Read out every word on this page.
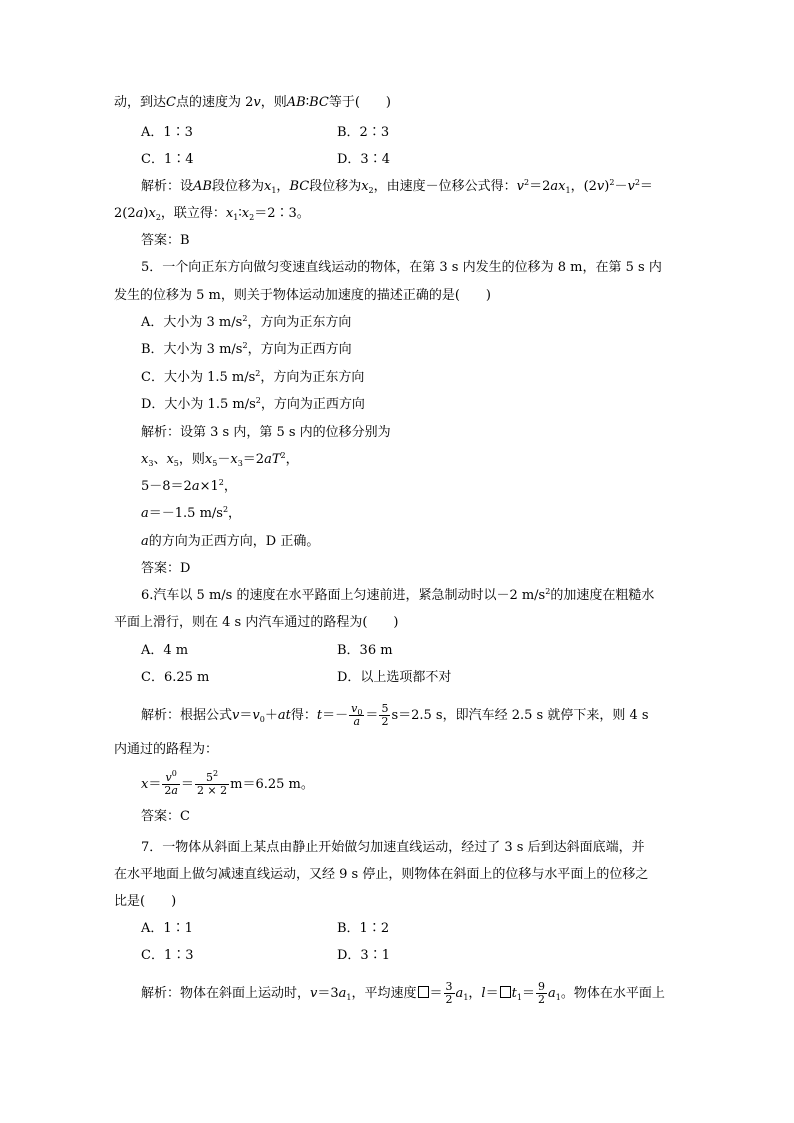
动，到达C点的速度为 2v，则AB∶BC等于(　　)
A．1∶3	B．2∶3
C．1∶4	D．3∶4
解析：设AB段位移为$x_1$，BC段位移为$x_2$，由速度－位移公式得：$v^2=2ax_1$，$(2v)^2-v^2=$
$2(2a)x_2$，联立得：$x_1∶x_2=2∶3$。
答案：B
5．一个向正东方向做匀变速直线运动的物体，在第 3 s 内发生的位移为 8 m，在第 5 s 内
发生的位移为 5 m，则关于物体运动加速度的描述正确的是(　　)
A．大小为 3 $m/s^2$，方向为正东方向
B．大小为 3 $m/s^2$，方向为正西方向
C．大小为 1.5 $m/s^2$，方向为正东方向
D．大小为 1.5 $m/s^2$，方向为正西方向
解析：设第 3 s 内，第 5 s 内的位移分别为
$x_3$、$x_5$，则$x_5-x_3=2aT^2$，
$5-8=2a\times 1^2$，
a＝－1.5 $m/s^2$，
a的方向为正西方向，D 正确。
答案：D
6.汽车以 5 m/s 的速度在水平路面上匀速前进，紧急制动时以－2 $m/s^2$的加速度在粗糙水
平面上滑行，则在 4 s 内汽车通过的路程为(　　)
A．4 m	B．36 m
C．6.25 m	D．以上选项都不对
解析：根据公式$v=v_0+at$得：$t=- \frac{v_0}{a} = \frac{5}{2} s=2.5$ s，即汽车经 2.5 s 就停下来，则 4 s
内通过的路程为：
$x= \frac{v^0}{2a} = \frac{5^2}{2 \times 2} m=6.25$ m。
答案：C
7．一物体从斜面上某点由静止开始做匀加速直线运动，经过了 3 s 后到达斜面底端，并
在水平地面上做匀减速直线运动，又经 9 s 停止，则物体在斜面上的位移与水平面上的位移之
比是(　　)
A．1∶1	B．1∶2
C．1∶3	D．3∶1
解析：物体在斜面上运动时，$v=3a_1$，平均速度 ＝ $\frac{3}{2} a_1$，$l= t_1= \frac{9}{2} a_1$。物体在水平面上
